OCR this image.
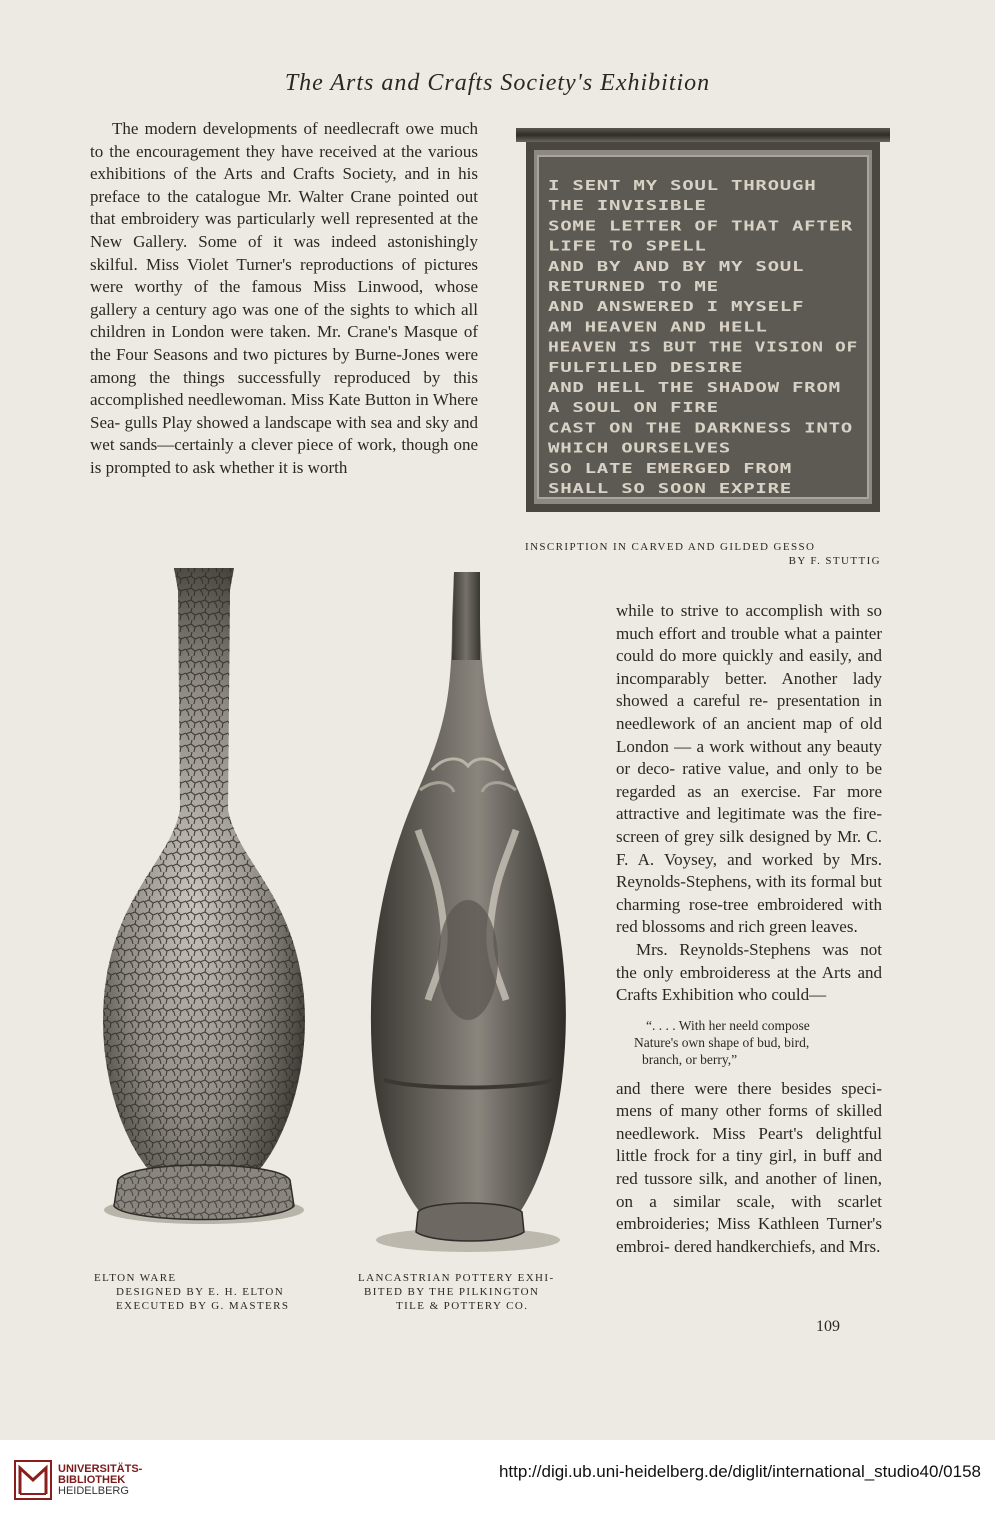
The Arts and Crafts Society's Exhibition

The modern developments of needlecraft owe much to the encouragement they have received at the various exhibitions of the Arts and Crafts Society, and in his preface to the catalogue Mr. Walter Crane pointed out that embroidery was particularly well represented at the New Gallery. Some of it was indeed astonishingly skilful. Miss Violet Turner's reproductions of pictures were worthy of the famous Miss Linwood, whose gallery a century ago was one of the sights to which all children in London were taken. Mr. Crane's Masque of the Four Seasons and two pictures by Burne-Jones were among the things successfully reproduced by this accomplished needlewoman. Miss Kate Button in Where Sea- gulls Play showed a landscape with sea and sky and wet sands—certainly a clever piece of work, though one is prompted to ask whether it is worth

I SENT MY SOUL THROUGH
THE INVISIBLE
SOME LETTER OF THAT AFTER
LIFE TO SPELL
AND BY AND BY MY SOUL
RETURNED TO ME
AND ANSWERED I MYSELF
AM HEAVEN AND HELL
HEAVEN IS BUT THE VISION OF
FULFILLED DESIRE
AND HELL THE SHADOW FROM
A SOUL ON FIRE
CAST ON THE DARKNESS INTO
WHICH OURSELVES
SO LATE EMERGED FROM
SHALL SO SOON EXPIRE
INSCRIPTION IN CARVED AND GILDED GESSO
BY F. STUTTIG
ELTON WARE
DESIGNED BY E. H. ELTON
EXECUTED BY G. MASTERS
LANCASTRIAN POTTERY EXHI-
BITED BY THE PILKINGTON
TILE & POTTERY CO.

while to strive to accomplish with so much effort and trouble what a painter could do more quickly and easily, and incomparably better. Another lady showed a careful re- presentation in needlework of an ancient map of old London — a work without any beauty or deco- rative value, and only to be regarded as an exercise. Far more attractive and legitimate was the fire-screen of grey silk designed by Mr. C. F. A. Voysey, and worked by Mrs. Reynolds-Stephens, with its formal but charming rose-tree embroidered with red blossoms and rich green leaves.

Mrs. Reynolds-Stephens was not the only embroideress at the Arts and Crafts Exhibition who could—

“. . . . With her neeld compose
Nature's own shape of bud, bird,
branch, or berry,”

and there were there besides speci- mens of many other forms of skilled needlework. Miss Peart's delightful little frock for a tiny girl, in buff and red tussore silk, and another of linen, on a similar scale, with scarlet embroideries; Miss Kathleen Turner's embroi- dered handkerchiefs, and Mrs.

109
UNIVERSITÄTS-
BIBLIOTHEK
HEIDELBERG
http://digi.ub.uni-heidelberg.de/diglit/international_studio40/0158
